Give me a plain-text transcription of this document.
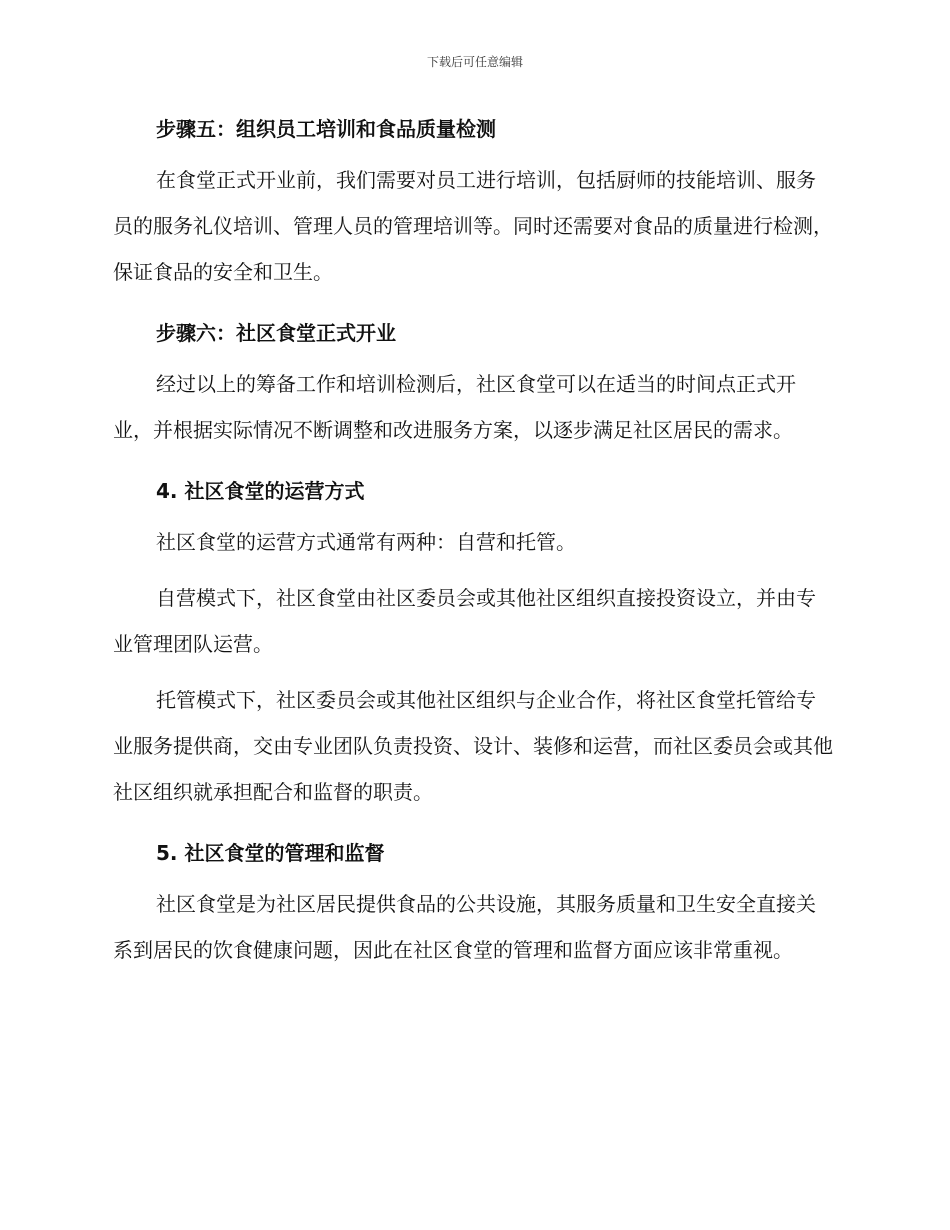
下载后可任意编辑
步骤五：组织员工培训和食品质量检测

在食堂正式开业前，我们需要对员工进行培训，包括厨师的技能培训、服务员的服务礼仪培训、管理人员的管理培训等。同时还需要对食品的质量进行检测，保证食品的安全和卫生。

步骤六：社区食堂正式开业

经过以上的筹备工作和培训检测后，社区食堂可以在适当的时间点正式开业，并根据实际情况不断调整和改进服务方案，以逐步满足社区居民的需求。

4. 社区食堂的运营方式

社区食堂的运营方式通常有两种：自营和托管。

自营模式下，社区食堂由社区委员会或其他社区组织直接投资设立，并由专业管理团队运营。

托管模式下，社区委员会或其他社区组织与企业合作，将社区食堂托管给专业服务提供商，交由专业团队负责投资、设计、装修和运营，而社区委员会或其他社区组织就承担配合和监督的职责。

5. 社区食堂的管理和监督

社区食堂是为社区居民提供食品的公共设施，其服务质量和卫生安全直接关系到居民的饮食健康问题，因此在社区食堂的管理和监督方面应该非常重视。
